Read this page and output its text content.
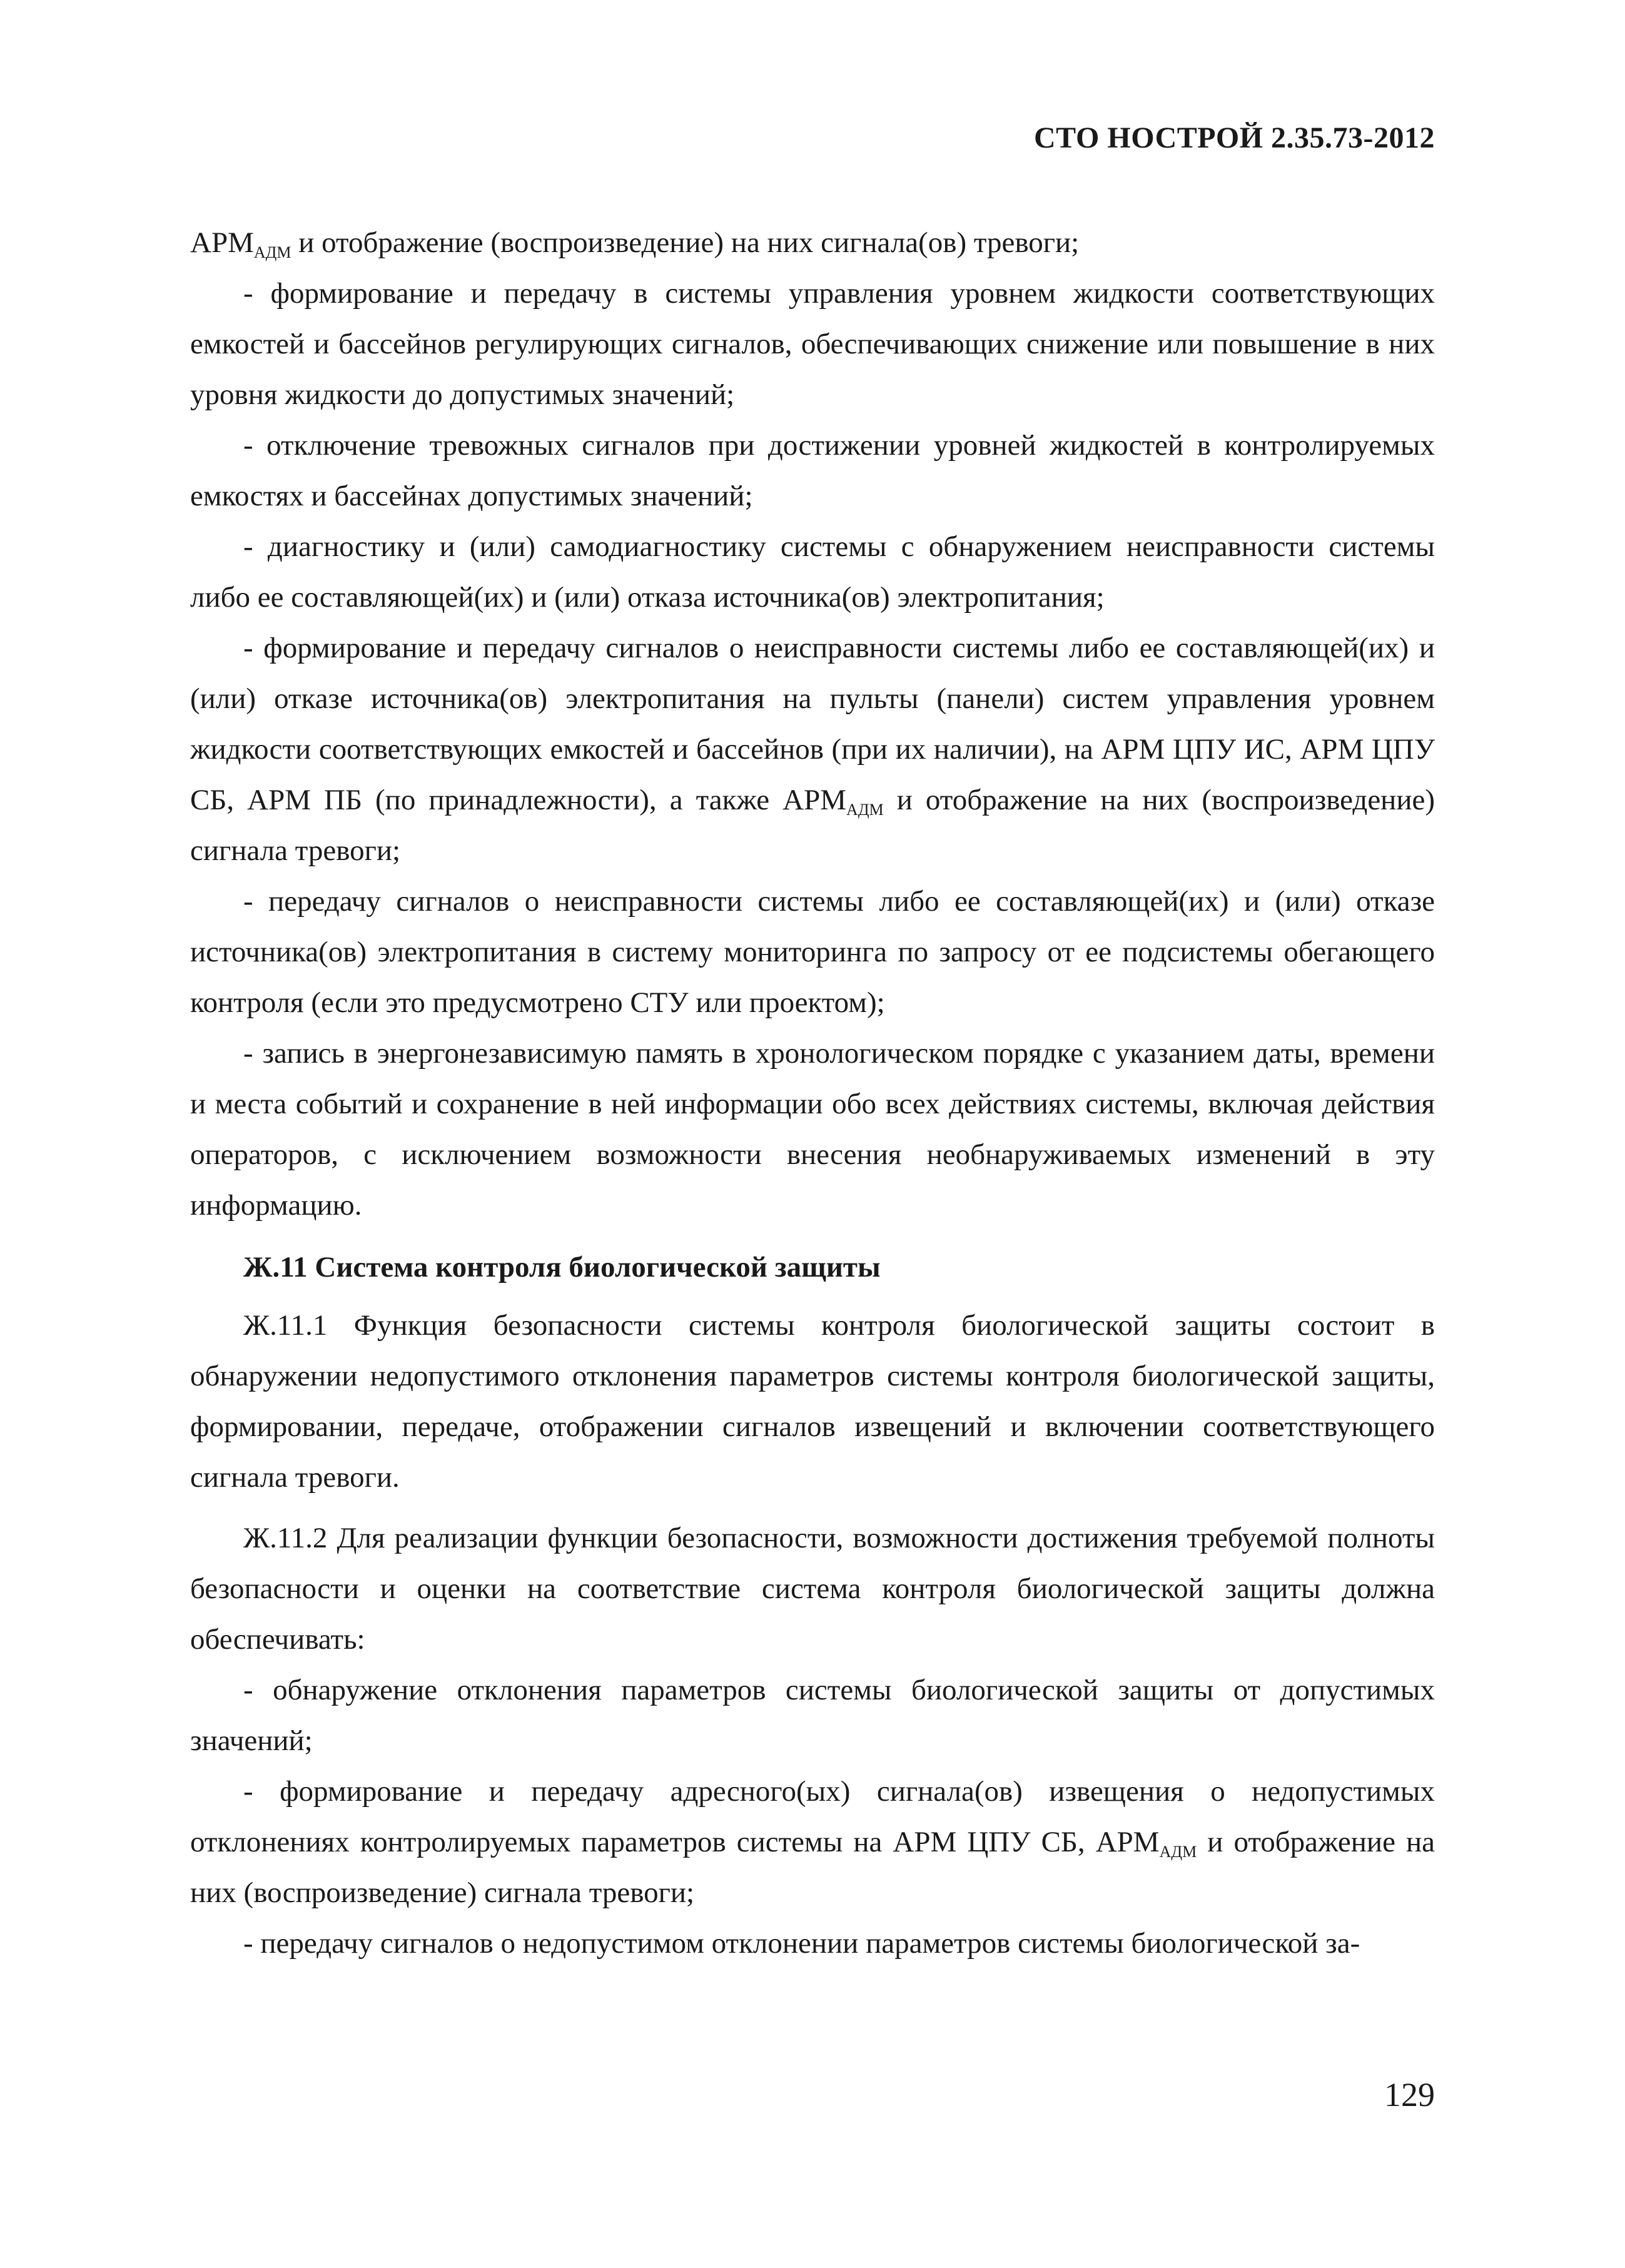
СТО НОСТРОЙ 2.35.73-2012

$АРМ_{АДМ}$ и отображение (воспроизведение) на них сигнала(ов) тревоги;

- формирование и передачу в системы управления уровнем жидкости соответствующих емкостей и бассейнов регулирующих сигналов, обеспечивающих снижение или повышение в них уровня жидкости до допустимых значений;

- отключение тревожных сигналов при достижении уровней жидкостей в контролируемых емкостях и бассейнах допустимых значений;

- диагностику и (или) самодиагностику системы с обнаружением неисправности системы либо ее составляющей(их) и (или) отказа источника(ов) электропитания;

- формирование и передачу сигналов о неисправности системы либо ее составляющей(их) и (или) отказе источника(ов) электропитания на пульты (панели) систем управления уровнем жидкости соответствующих емкостей и бассейнов (при их наличии), на АРМ ЦПУ ИС, АРМ ЦПУ СБ, АРМ ПБ (по принадлежности), а также $АРМ_{АДМ}$ и отображение на них (воспроизведение) сигнала тревоги;

- передачу сигналов о неисправности системы либо ее составляющей(их) и (или) отказе источника(ов) электропитания в систему мониторинга по запросу от ее подсистемы обегающего контроля (если это предусмотрено СТУ или проектом);

- запись в энергонезависимую память в хронологическом порядке с указанием даты, времени и места событий и сохранение в ней информации обо всех действиях системы, включая действия операторов, с исключением возможности внесения необнаруживаемых изменений в эту информацию.

Ж.11 Система контроля биологической защиты

Ж.11.1 Функция безопасности системы контроля биологической защиты состоит в обнаружении недопустимого отклонения параметров системы контроля биологической защиты, формировании, передаче, отображении сигналов извещений и включении соответствующего сигнала тревоги.

Ж.11.2 Для реализации функции безопасности, возможности достижения требуемой полноты безопасности и оценки на соответствие система контроля биологической защиты должна обеспечивать:

- обнаружение отклонения параметров системы биологической защиты от допустимых значений;

- формирование и передачу адресного(ых) сигнала(ов) извещения о недопустимых отклонениях контролируемых параметров системы на АРМ ЦПУ СБ, $АРМ_{АДМ}$ и отображение на них (воспроизведение) сигнала тревоги;

- передачу сигналов о недопустимом отклонении параметров системы биологической за-

129
